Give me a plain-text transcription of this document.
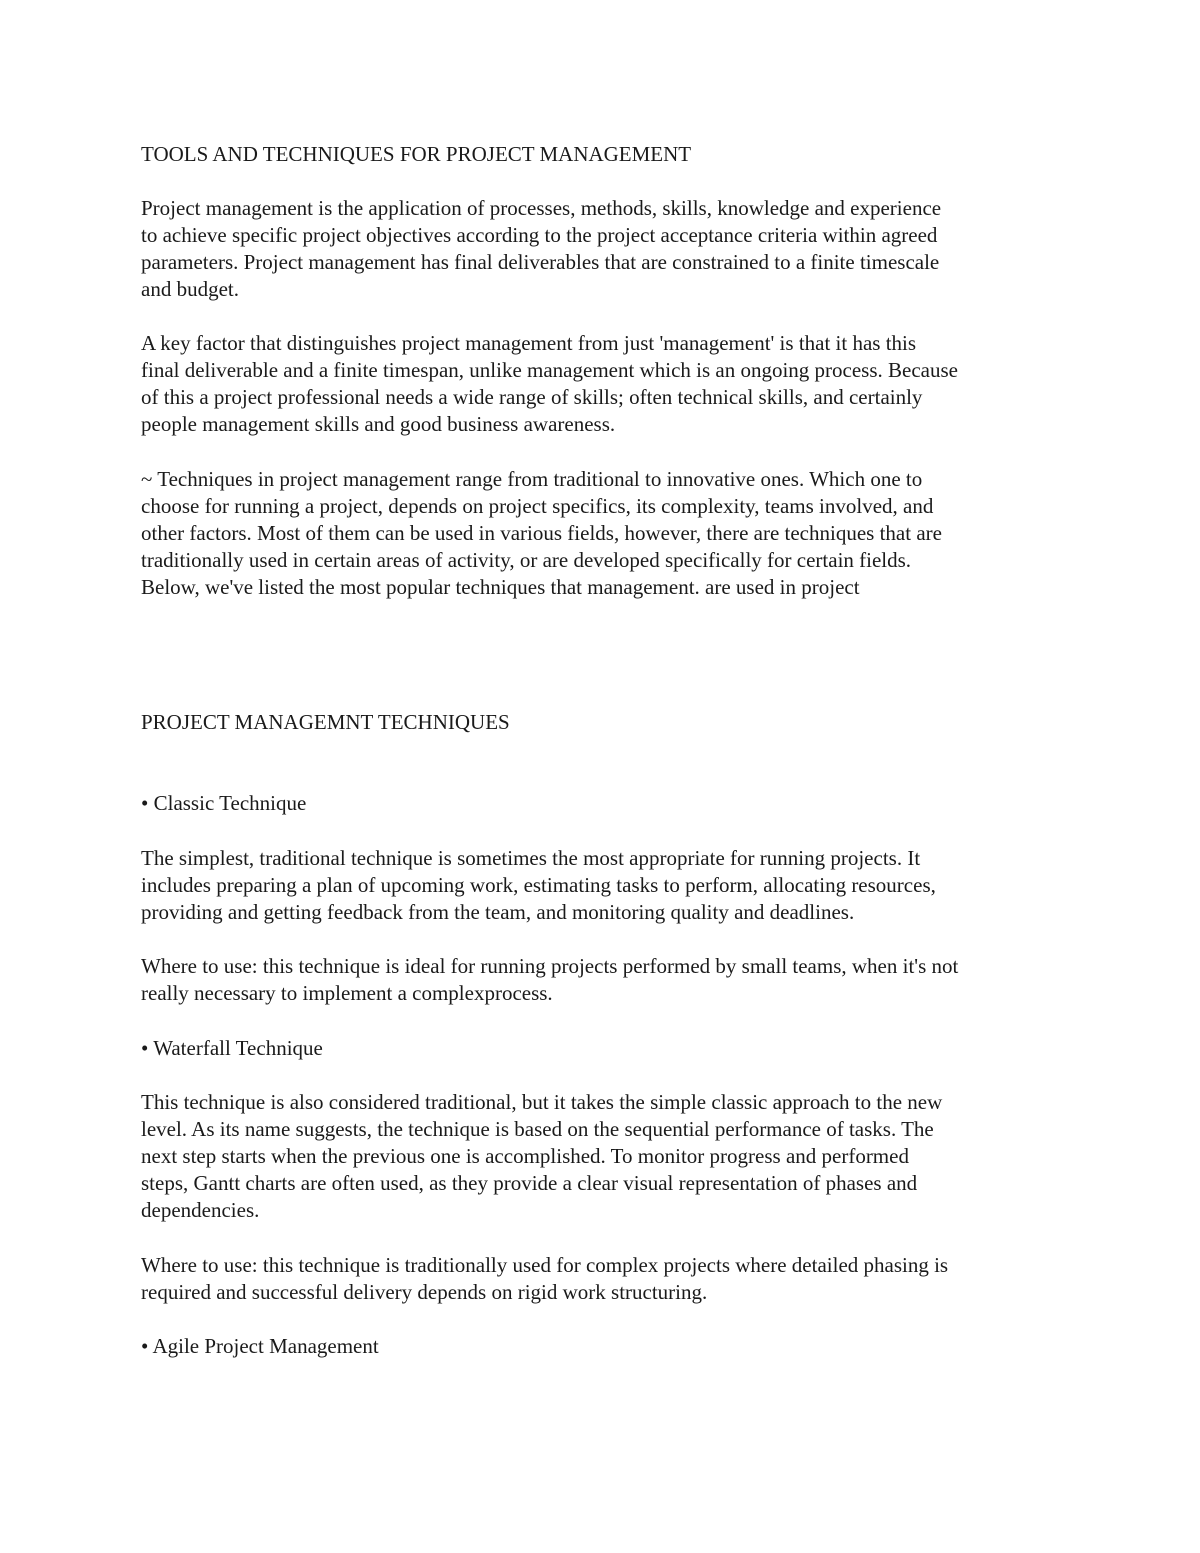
TOOLS AND TECHNIQUES FOR PROJECT MANAGEMENT

Project management is the application of processes, methods, skills, knowledge and experience
to achieve specific project objectives according to the project acceptance criteria within agreed
parameters. Project management has final deliverables that are constrained to a finite timescale
and budget.

A key factor that distinguishes project management from just 'management' is that it has this
final deliverable and a finite timespan, unlike management which is an ongoing process. Because
of this a project professional needs a wide range of skills; often technical skills, and certainly
people management skills and good business awareness.

~ Techniques in project management range from traditional to innovative ones. Which one to
choose for running a project, depends on project specifics, its complexity, teams involved, and
other factors. Most of them can be used in various fields, however, there are techniques that are
traditionally used in certain areas of activity, or are developed specifically for certain fields.
Below, we've listed the most popular techniques that management. are used in project

PROJECT MANAGEMNT TECHNIQUES

• Classic Technique

The simplest, traditional technique is sometimes the most appropriate for running projects. It
includes preparing a plan of upcoming work, estimating tasks to perform, allocating resources,
providing and getting feedback from the team, and monitoring quality and deadlines.

Where to use: this technique is ideal for running projects performed by small teams, when it's not
really necessary to implement a complexprocess.

• Waterfall Technique

This technique is also considered traditional, but it takes the simple classic approach to the new
level. As its name suggests, the technique is based on the sequential performance of tasks. The
next step starts when the previous one is accomplished. To monitor progress and performed
steps, Gantt charts are often used, as they provide a clear visual representation of phases and
dependencies.

Where to use: this technique is traditionally used for complex projects where detailed phasing is
required and successful delivery depends on rigid work structuring.

• Agile Project Management
